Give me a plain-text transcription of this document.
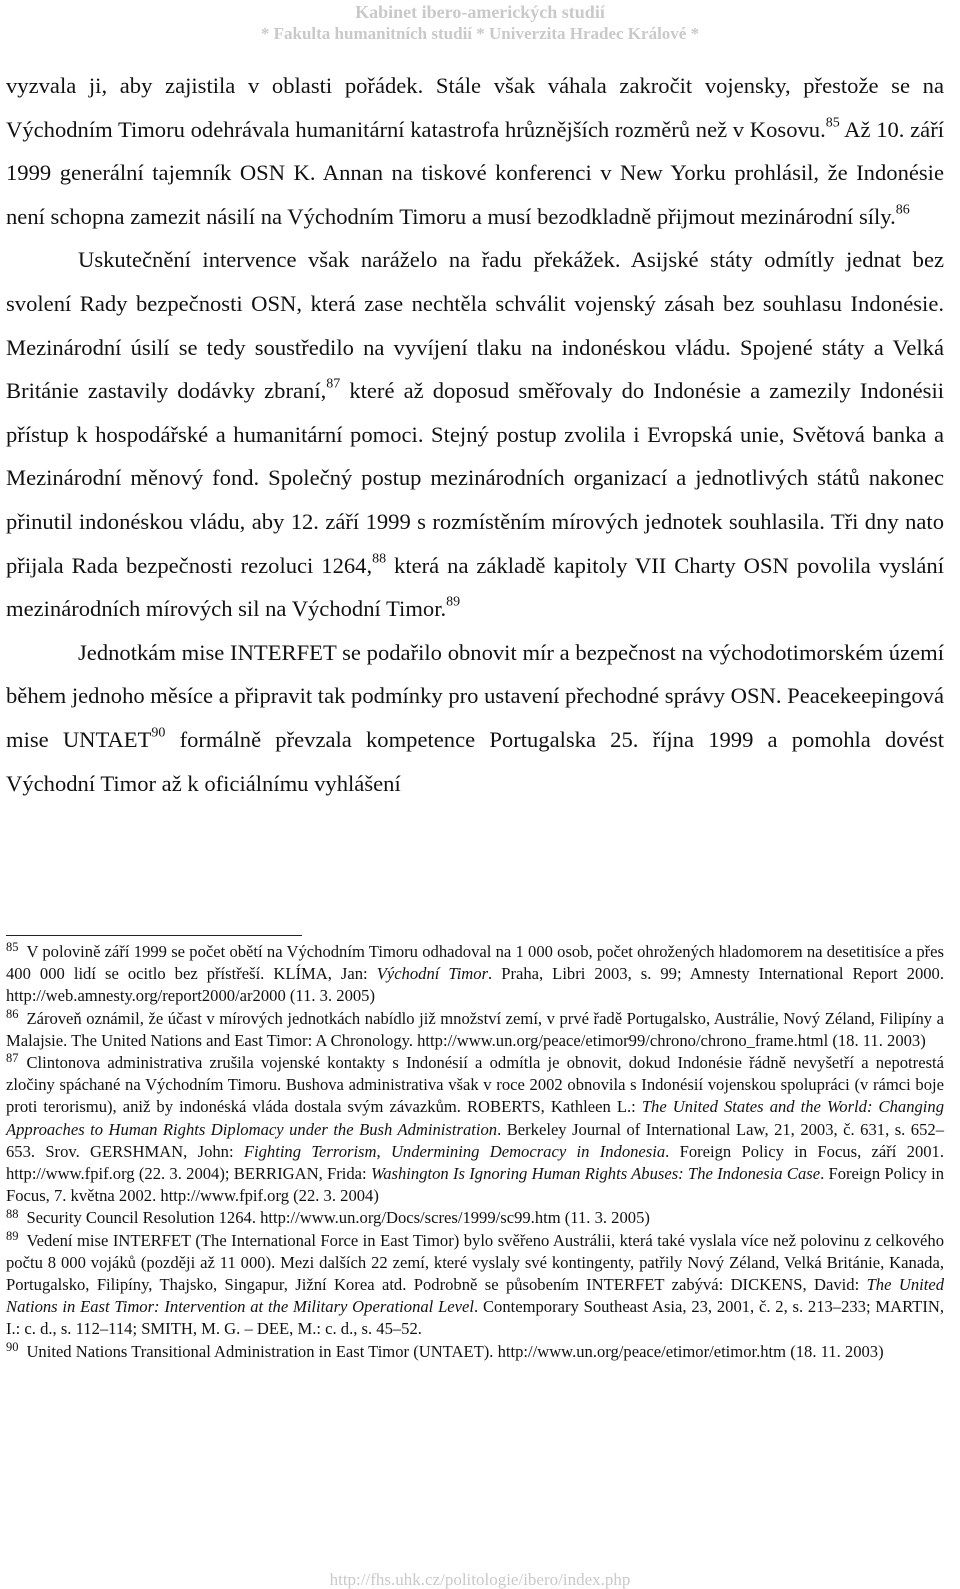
Kabinet ibero-amerických studií
* Fakulta humanitních studií * Univerzita Hradec Králové *

vyzvala ji, aby zajistila v oblasti pořádek. Stále však váhala zakročit vojensky, přestože se na Východním Timoru odehrávala humanitární katastrofa hrůznějších rozměrů než v Kosovu.$^{85}$ Až 10. září 1999 generální tajemník OSN K. Annan na tiskové konferenci v New Yorku prohlásil, že Indonésie není schopna zamezit násilí na Východním Timoru a musí bezodkladně přijmout mezinárodní síly.$^{86}$

Uskutečnění intervence však naráželo na řadu překážek. Asijské státy odmítly jednat bez svolení Rady bezpečnosti OSN, která zase nechtěla schválit vojenský zásah bez souhlasu Indonésie. Mezinárodní úsilí se tedy soustředilo na vyvíjení tlaku na indonéskou vládu. Spojené státy a Velká Británie zastavily dodávky zbraní,$^{87}$ které až doposud směřovaly do Indonésie a zamezily Indonésii přístup k hospodářské a humanitární pomoci. Stejný postup zvolila i Evropská unie, Světová banka a Mezinárodní měnový fond. Společný postup mezinárodních organizací a jednotlivých států nakonec přinutil indonéskou vládu, aby 12. září 1999 s rozmístěním mírových jednotek souhlasila. Tři dny nato přijala Rada bezpečnosti rezoluci 1264,88 která na základě kapitoly VII Charty OSN povolila vyslání mezinárodních mírových sil na Východní Timor.$^{89}$

Jednotkám mise INTERFET se podařilo obnovit mír a bezpečnost na východotimorském území během jednoho měsíce a připravit tak podmínky pro ustavení přechodné správy OSN. Peacekeepingová mise UNTAET$^{90}$ formálně převzala kompetence Portugalska 25. října 1999 a pomohla dovést Východní Timor až k oficiálnímu vyhlášení

$^{85}$ V polovině září 1999 se počet obětí na Východním Timoru odhadoval na 1 000 osob, počet ohrožených hladomorem na desetitisíce a přes 400 000 lidí se ocitlo bez přístřeší. KLÍMA, Jan: Východní Timor. Praha, Libri 2003, s. 99; Amnesty International Report 2000. http://web.amnesty.org/report2000/ar2000 (11. 3. 2005)

$^{86}$ Zároveň oznámil, že účast v mírových jednotkách nabídlo již množství zemí, v prvé řadě Portugalsko, Austrálie, Nový Zéland, Filipíny a Malajsie. The United Nations and East Timor: A Chronology. http://www.un.org/peace/etimor99/chrono/chrono_frame.html (18. 11. 2003)

$^{87}$ Clintonova administrativa zrušila vojenské kontakty s Indonésií a odmítla je obnovit, dokud Indonésie řádně nevyšetří a nepotrestá zločiny spáchané na Východním Timoru. Bushova administrativa však v roce 2002 obnovila s Indonésií vojenskou spolupráci (v rámci boje proti terorismu), aniž by indonéská vláda dostala svým závazkům. ROBERTS, Kathleen L.: The United States and the World: Changing Approaches to Human Rights Diplomacy under the Bush Administration. Berkeley Journal of International Law, 21, 2003, č. 631, s. 652–653. Srov. GERSHMAN, John: Fighting Terrorism, Undermining Democracy in Indonesia. Foreign Policy in Focus, září 2001. http://www.fpif.org (22. 3. 2004); BERRIGAN, Frida: Washington Is Ignoring Human Rights Abuses: The Indonesia Case. Foreign Policy in Focus, 7. května 2002. http://www.fpif.org (22. 3. 2004)

$^{88}$ Security Council Resolution 1264. http://www.un.org/Docs/scres/1999/sc99.htm (11. 3. 2005)

$^{89}$ Vedení mise INTERFET (The International Force in East Timor) bylo svěřeno Austrálii, která také vyslala více než polovinu z celkového počtu 8 000 vojáků (později až 11 000). Mezi dalších 22 zemí, které vyslaly své kontingenty, patřily Nový Zéland, Velká Británie, Kanada, Portugalsko, Filipíny, Thajsko, Singapur, Jižní Korea atd. Podrobně se působením INTERFET zabývá: DICKENS, David: The United Nations in East Timor: Intervention at the Military Operational Level. Contemporary Southeast Asia, 23, 2001, č. 2, s. 213–233; MARTIN, I.: c. d., s. 112–114; SMITH, M. G. – DEE, M.: c. d., s. 45–52.

$^{90}$ United Nations Transitional Administration in East Timor (UNTAET). http://www.un.org/peace/etimor/etimor.htm (18. 11. 2003)

http://fhs.uhk.cz/politologie/ibero/index.php
